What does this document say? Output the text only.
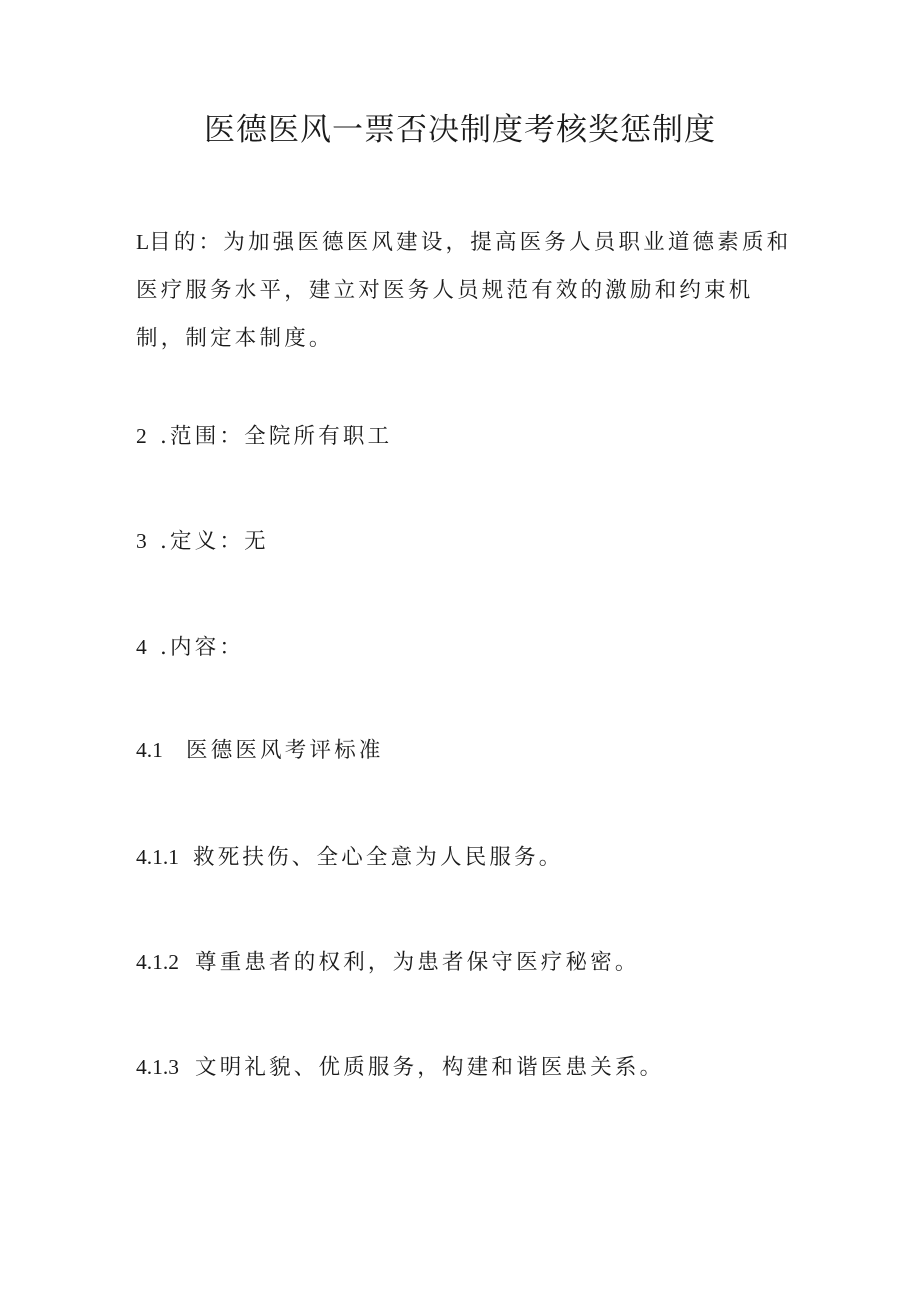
医德医风一票否决制度考核奖惩制度

L目的：为加强医德医风建设，提高医务人员职业道德素质和医疗服务水平，建立对医务人员规范有效的激励和约束机制，制定本制度。

2 .范围：全院所有职工

3 .定义：无

4 .内容：

4.1 医德医风考评标准

4.1.1 救死扶伤、全心全意为人民服务。

4.1.2 尊重患者的权利，为患者保守医疗秘密。

4.1.3 文明礼貌、优质服务，构建和谐医患关系。
